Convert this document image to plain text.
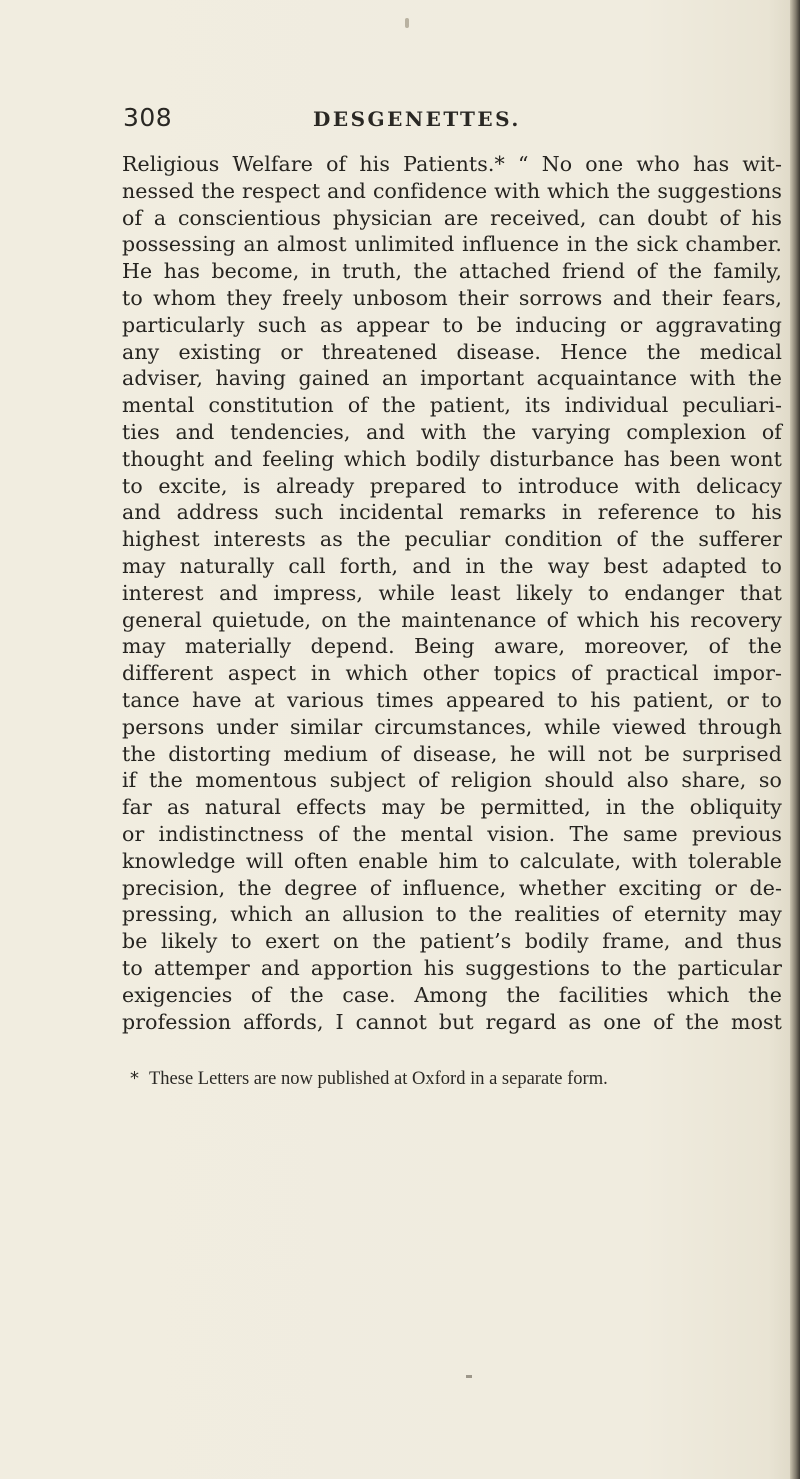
308	DESGENETTES.
Religious Welfare of his Patients.* “ No one who has wit-
nessed the respect and confidence with which the suggestions
of a conscientious physician are received, can doubt of his
possessing an almost unlimited influence in the sick chamber.
He has become, in truth, the attached friend of the family,
to whom they freely unbosom their sorrows and their fears,
particularly such as appear to be inducing or aggravating
any existing or threatened disease. Hence the medical
adviser, having gained an important acquaintance with the
mental constitution of the patient, its individual peculiari-
ties and tendencies, and with the varying complexion of
thought and feeling which bodily disturbance has been wont
to excite, is already prepared to introduce with delicacy
and address such incidental remarks in reference to his
highest interests as the peculiar condition of the sufferer
may naturally call forth, and in the way best adapted to
interest and impress, while least likely to endanger that
general quietude, on the maintenance of which his recovery
may materially depend. Being aware, moreover, of the
different aspect in which other topics of practical impor-
tance have at various times appeared to his patient, or to
persons under similar circumstances, while viewed through
the distorting medium of disease, he will not be surprised
if the momentous subject of religion should also share, so
far as natural effects may be permitted, in the obliquity
or indistinctness of the mental vision. The same previous
knowledge will often enable him to calculate, with tolerable
precision, the degree of influence, whether exciting or de-
pressing, which an allusion to the realities of eternity may
be likely to exert on the patient’s bodily frame, and thus
to attemper and apportion his suggestions to the particular
exigencies of the case. Among the facilities which the
profession affords, I cannot but regard as one of the most
* These Letters are now published at Oxford in a separate form.
